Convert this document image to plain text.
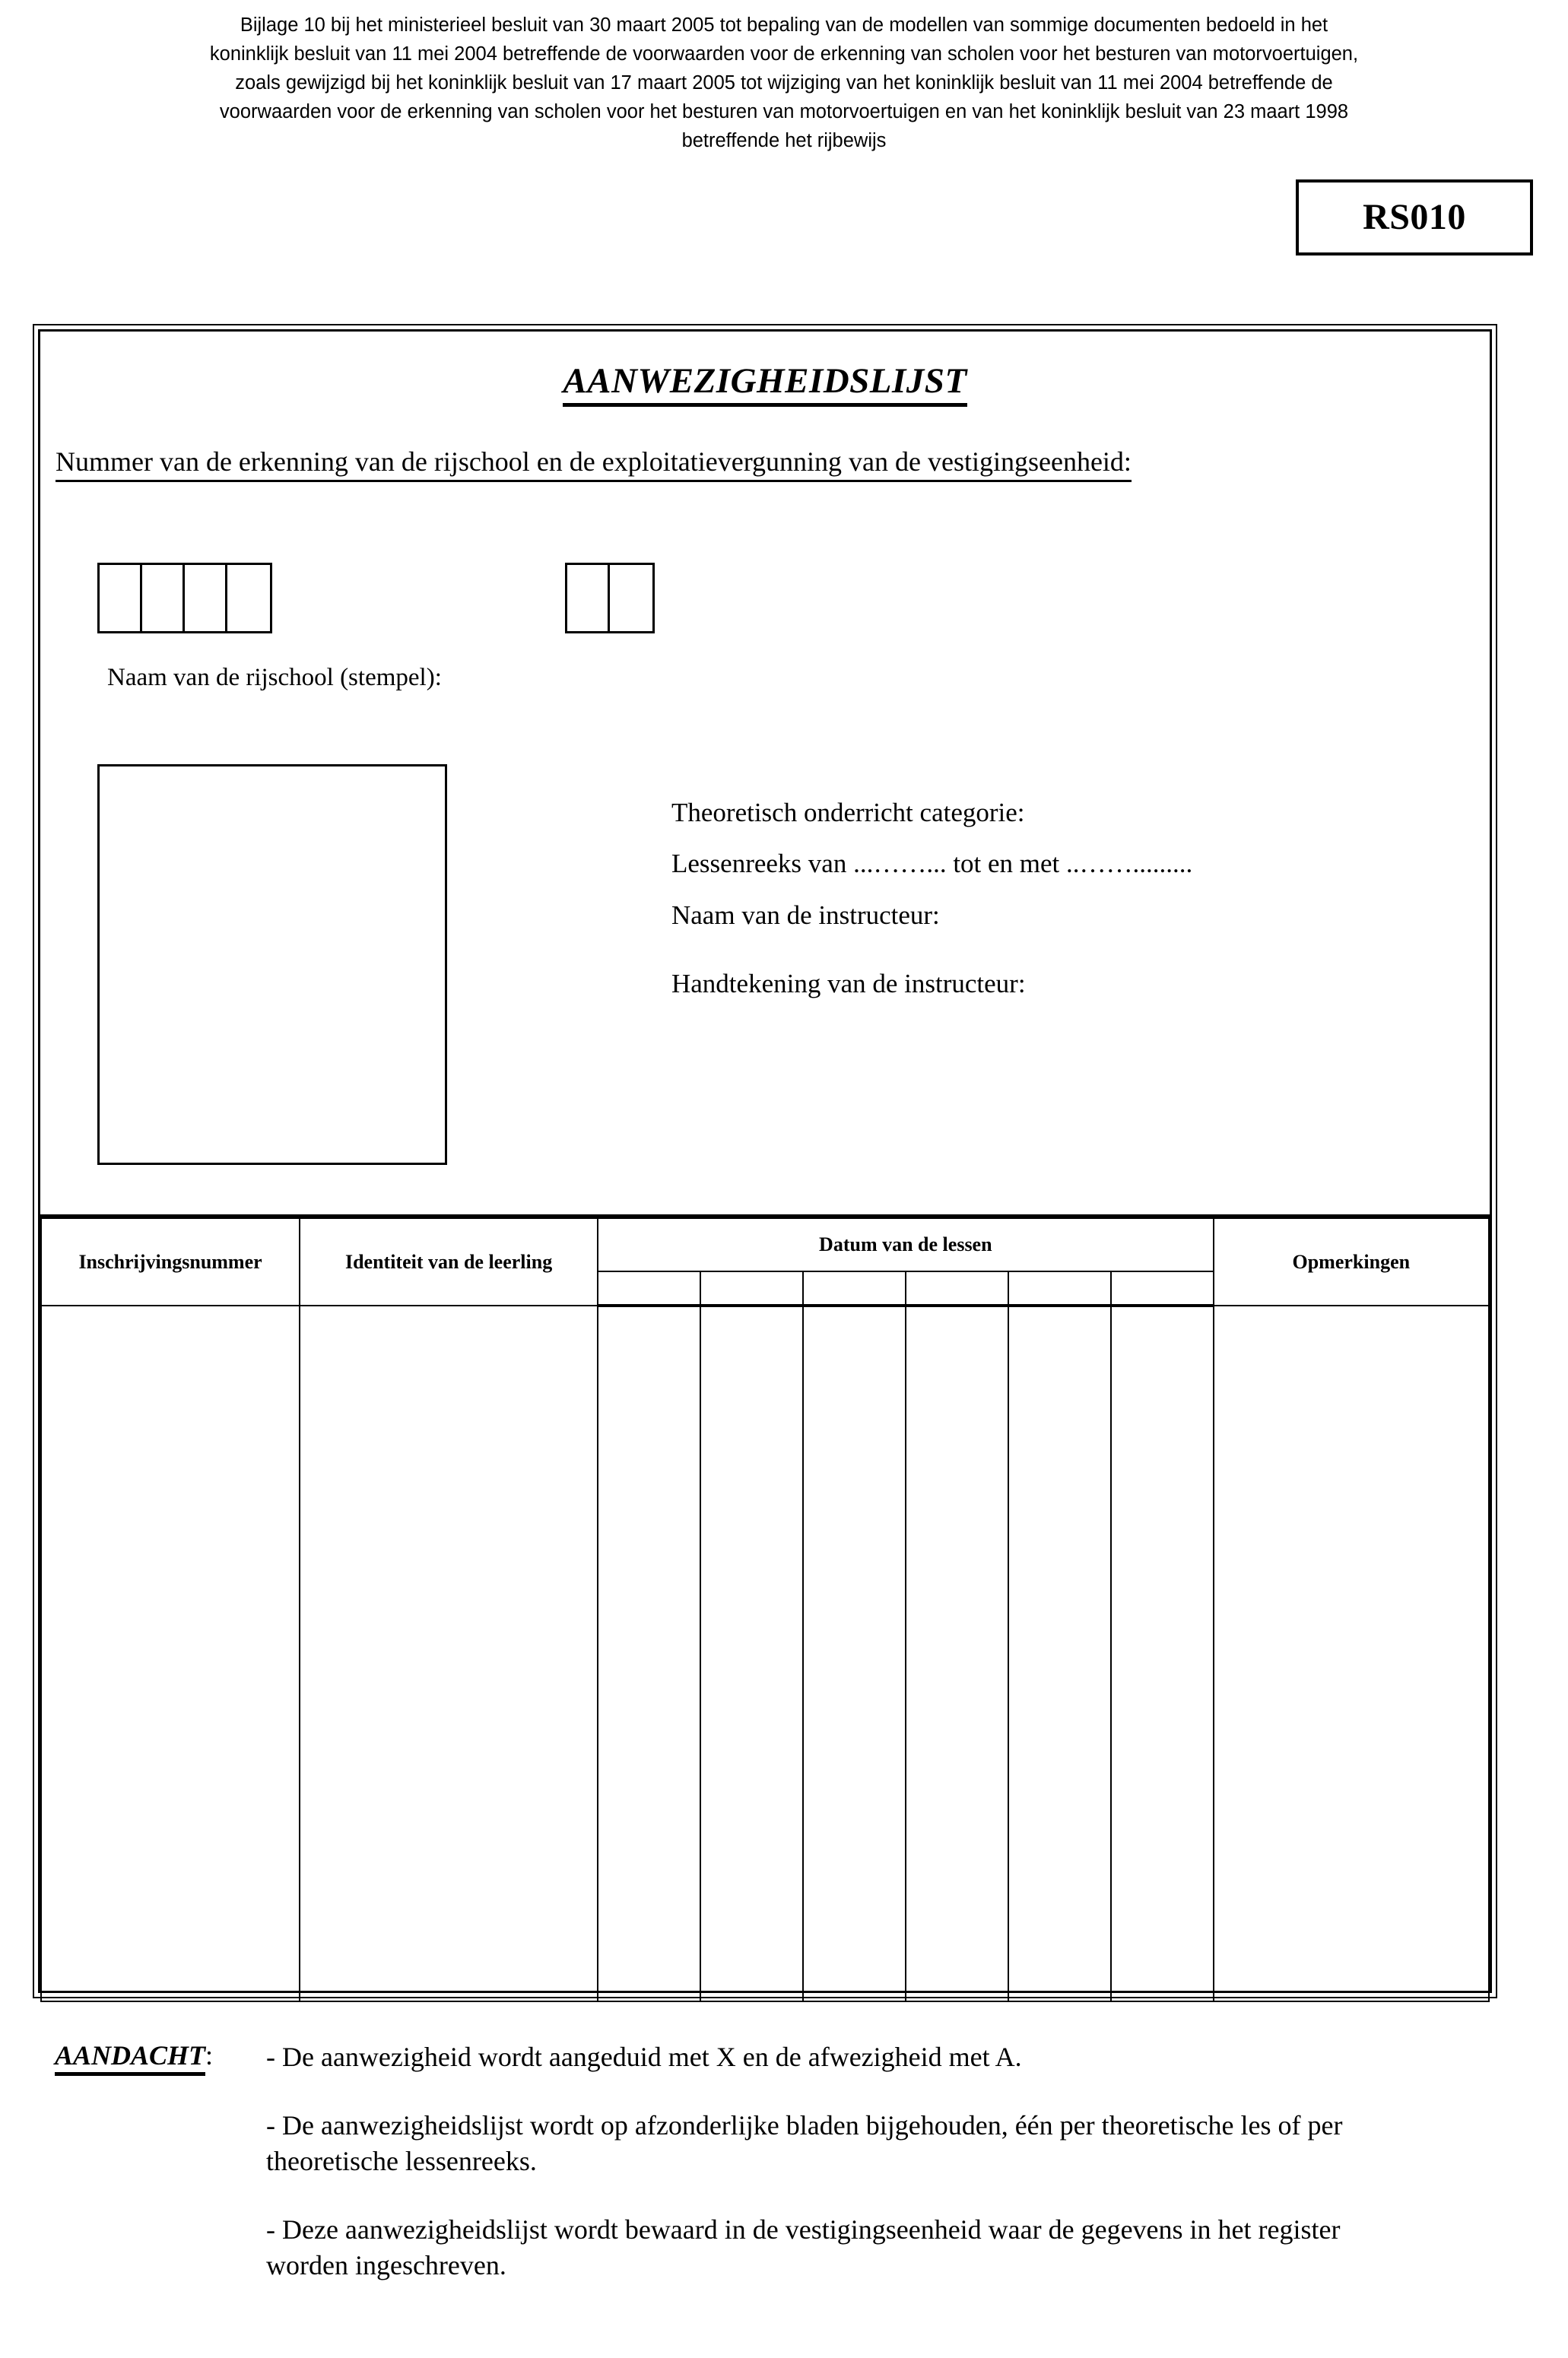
Bijlage 10 bij het ministerieel besluit van 30 maart 2005 tot bepaling van de modellen van sommige documenten bedoeld in het
koninklijk besluit van 11 mei 2004 betreffende de voorwaarden voor de erkenning van scholen voor het besturen van motorvoertuigen,
zoals gewijzigd bij het koninklijk besluit van 17 maart 2005 tot wijziging van het koninklijk besluit van 11 mei 2004 betreffende de
voorwaarden voor de erkenning van scholen voor het besturen van motorvoertuigen en van het koninklijk besluit van 23 maart 1998
betreffende het rijbewijs
RS010
AANWEZIGHEIDSLIJST
Nummer van de erkenning van de rijschool en de exploitatievergunning van de vestigingseenheid:
Naam van de rijschool (stempel):
Theoretisch onderricht categorie:
Lessenreeks van ...……... tot en met ..…….........
Naam van de instructeur:
Handtekening van de instructeur:
Inschrijvingsnummer	Identiteit van de leerling	Datum van de lessen						Opmerkingen

AANDACHT:	- De aanwezigheid wordt aangeduid met X en de afwezigheid met A.
- De aanwezigheidslijst wordt op afzonderlijke bladen bijgehouden, één per theoretische les of per theoretische lessenreeks.
- Deze aanwezigheidslijst wordt bewaard in de vestigingseenheid waar de gegevens in het register worden ingeschreven.
